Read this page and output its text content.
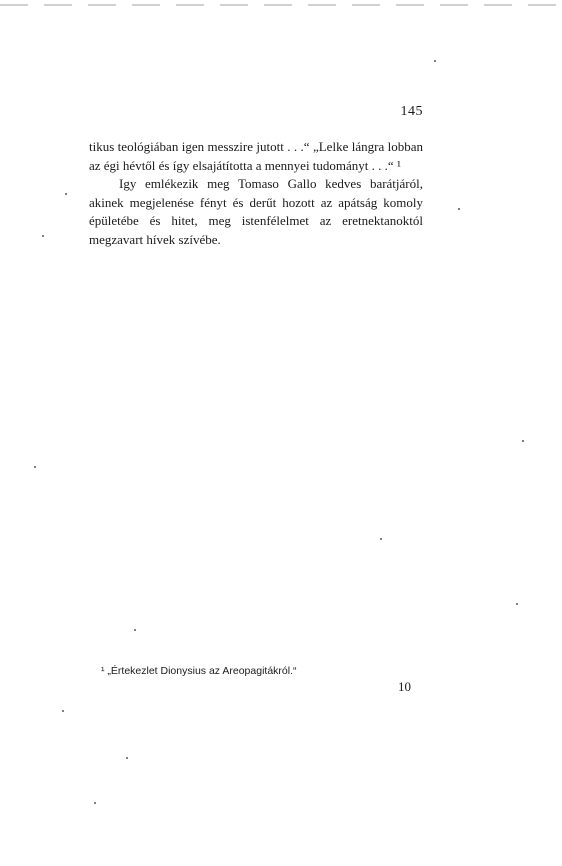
145

tikus teológiában igen messzire jutott . . .“ „Lelke lángra lobban az égi hévtől és így elsajátította a mennyei tudományt . . .“ ¹

Igy emlékezik meg Tomaso Gallo kedves barátjáról, akinek megjelenése fényt és derűt hozott az apátság komoly épületébe és hitet, meg istenfélelmet az eretnektanoktól megzavart hívek szívébe.

¹ „Értekezlet Dionysius az Areopagitákról.“
10
